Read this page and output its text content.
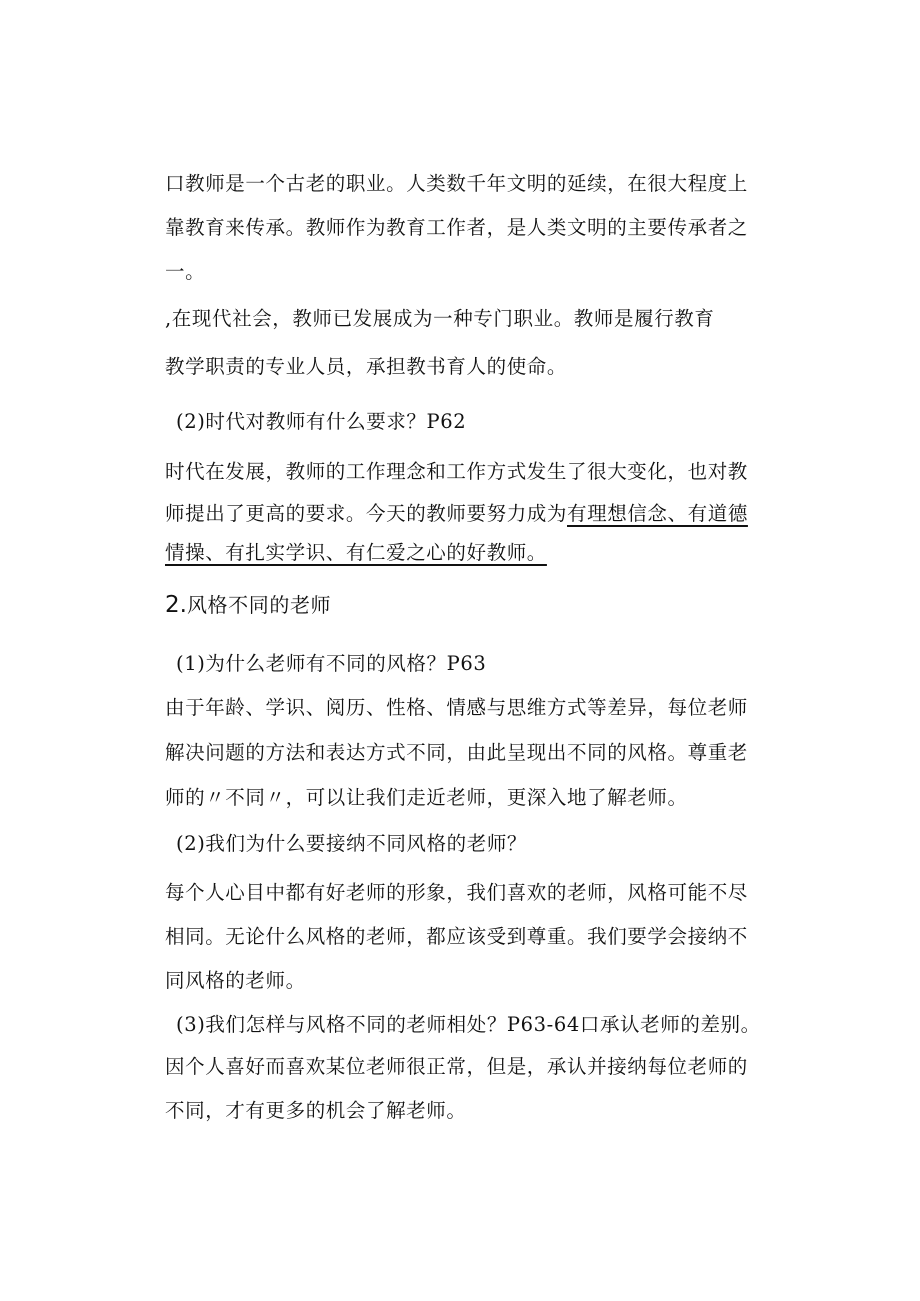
口教师是一个古老的职业。人类数千年文明的延续，在很大程度上
靠教育来传承。教师作为教育工作者，是人类文明的主要传承者之
一。
,在现代社会，教师已发展成为一种专门职业。教师是履行教育
教学职责的专业人员，承担教书育人的使命。
(2)时代对教师有什么要求？P62
时代在发展，教师的工作理念和工作方式发生了很大变化，也对教
师提出了更高的要求。今天的教师要努力成为有理想信念、有道德
情操、有扎实学识、有仁爱之心的好教师。
2.风格不同的老师
(1)为什么老师有不同的风格？P63
由于年龄、学识、阅历、性格、情感与思维方式等差异，每位老师
解决问题的方法和表达方式不同，由此呈现出不同的风格。尊重老
师的〃不同〃，可以让我们走近老师，更深入地了解老师。
(2)我们为什么要接纳不同风格的老师？
每个人心目中都有好老师的形象，我们喜欢的老师，风格可能不尽
相同。无论什么风格的老师，都应该受到尊重。我们要学会接纳不
同风格的老师。
(3)我们怎样与风格不同的老师相处？P63-64口承认老师的差别。
因个人喜好而喜欢某位老师很正常，但是，承认并接纳每位老师的
不同，才有更多的机会了解老师。
